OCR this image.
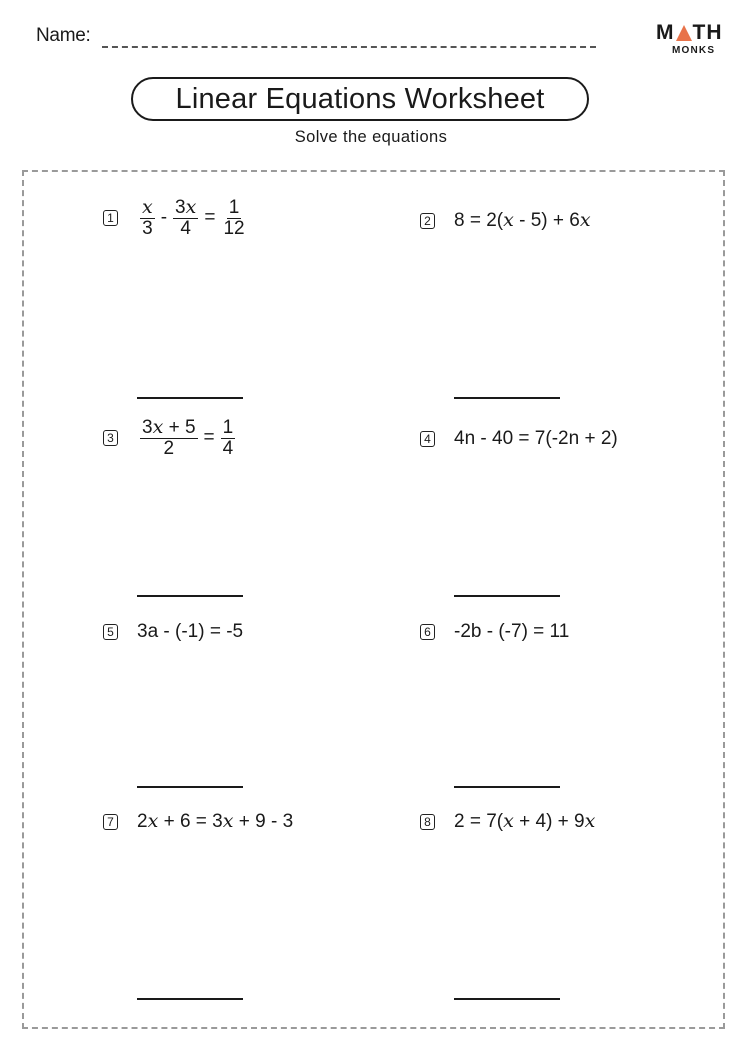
Name:	M TH
MONKS
Linear Equations Worksheet
Solve the equations
$1 \frac{x}{3} - \frac{3x}{4} = \frac{1}{12}$	2 8 = 2(x - 5) + 6x
$3 \frac{3x + 5}{2} = \frac{1}{4}$	4 4n - 40 = 7(-2n + 2)
5 3a - (-1) = -5	6 -2b - (-7) = 11
7 2x + 6 = 3x + 9 - 3	8 2 = 7(x + 4) + 9x
